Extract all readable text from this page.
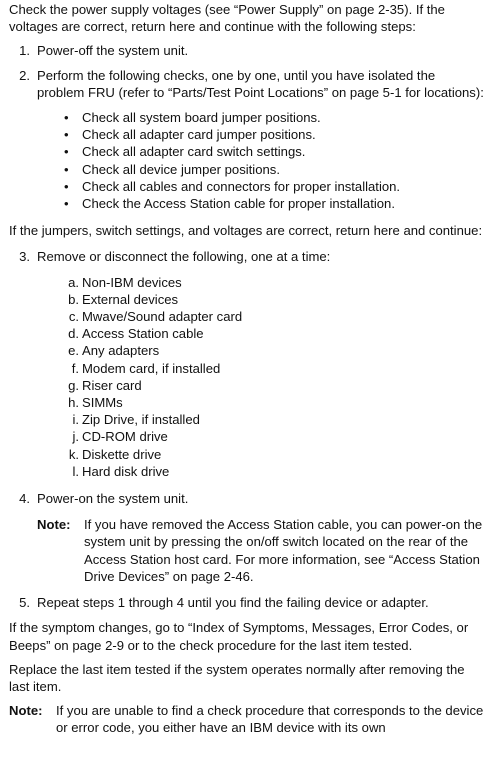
Check the power supply voltages (see “Power Supply” on page 2-35). If the voltages are correct, return here and continue with the following steps:

1. Power-off the system unit.
2. Perform the following checks, one by one, until you have isolated the problem FRU (refer to “Parts/Test Point Locations” on page 5-1 for locations):
• Check all system board jumper positions.
• Check all adapter card jumper positions.
• Check all adapter card switch settings.
• Check all device jumper positions.
• Check all cables and connectors for proper installation.
• Check the Access Station cable for proper installation.

If the jumpers, switch settings, and voltages are correct, return here and continue:

3. Remove or disconnect the following, one at a time:
a. Non-IBM devices
b. External devices
c. Mwave/Sound adapter card
d. Access Station cable
e. Any adapters
f. Modem card, if installed
g. Riser card
h. SIMMs
i. Zip Drive, if installed
j. CD-ROM drive
k. Diskette drive
l. Hard disk drive
4. Power-on the system unit.
Note: If you have removed the Access Station cable, you can power-on the system unit by pressing the on/off switch located on the rear of the Access Station host card. For more information, see “Access Station Drive Devices” on page 2-46.
5. Repeat steps 1 through 4 until you find the failing device or adapter.

If the symptom changes, go to “Index of Symptoms, Messages, Error Codes, or Beeps” on page 2-9 or to the check procedure for the last item tested.

Replace the last item tested if the system operates normally after removing the last item.

Note: If you are unable to find a check procedure that corresponds to the device or error code, you either have an IBM device with its own
